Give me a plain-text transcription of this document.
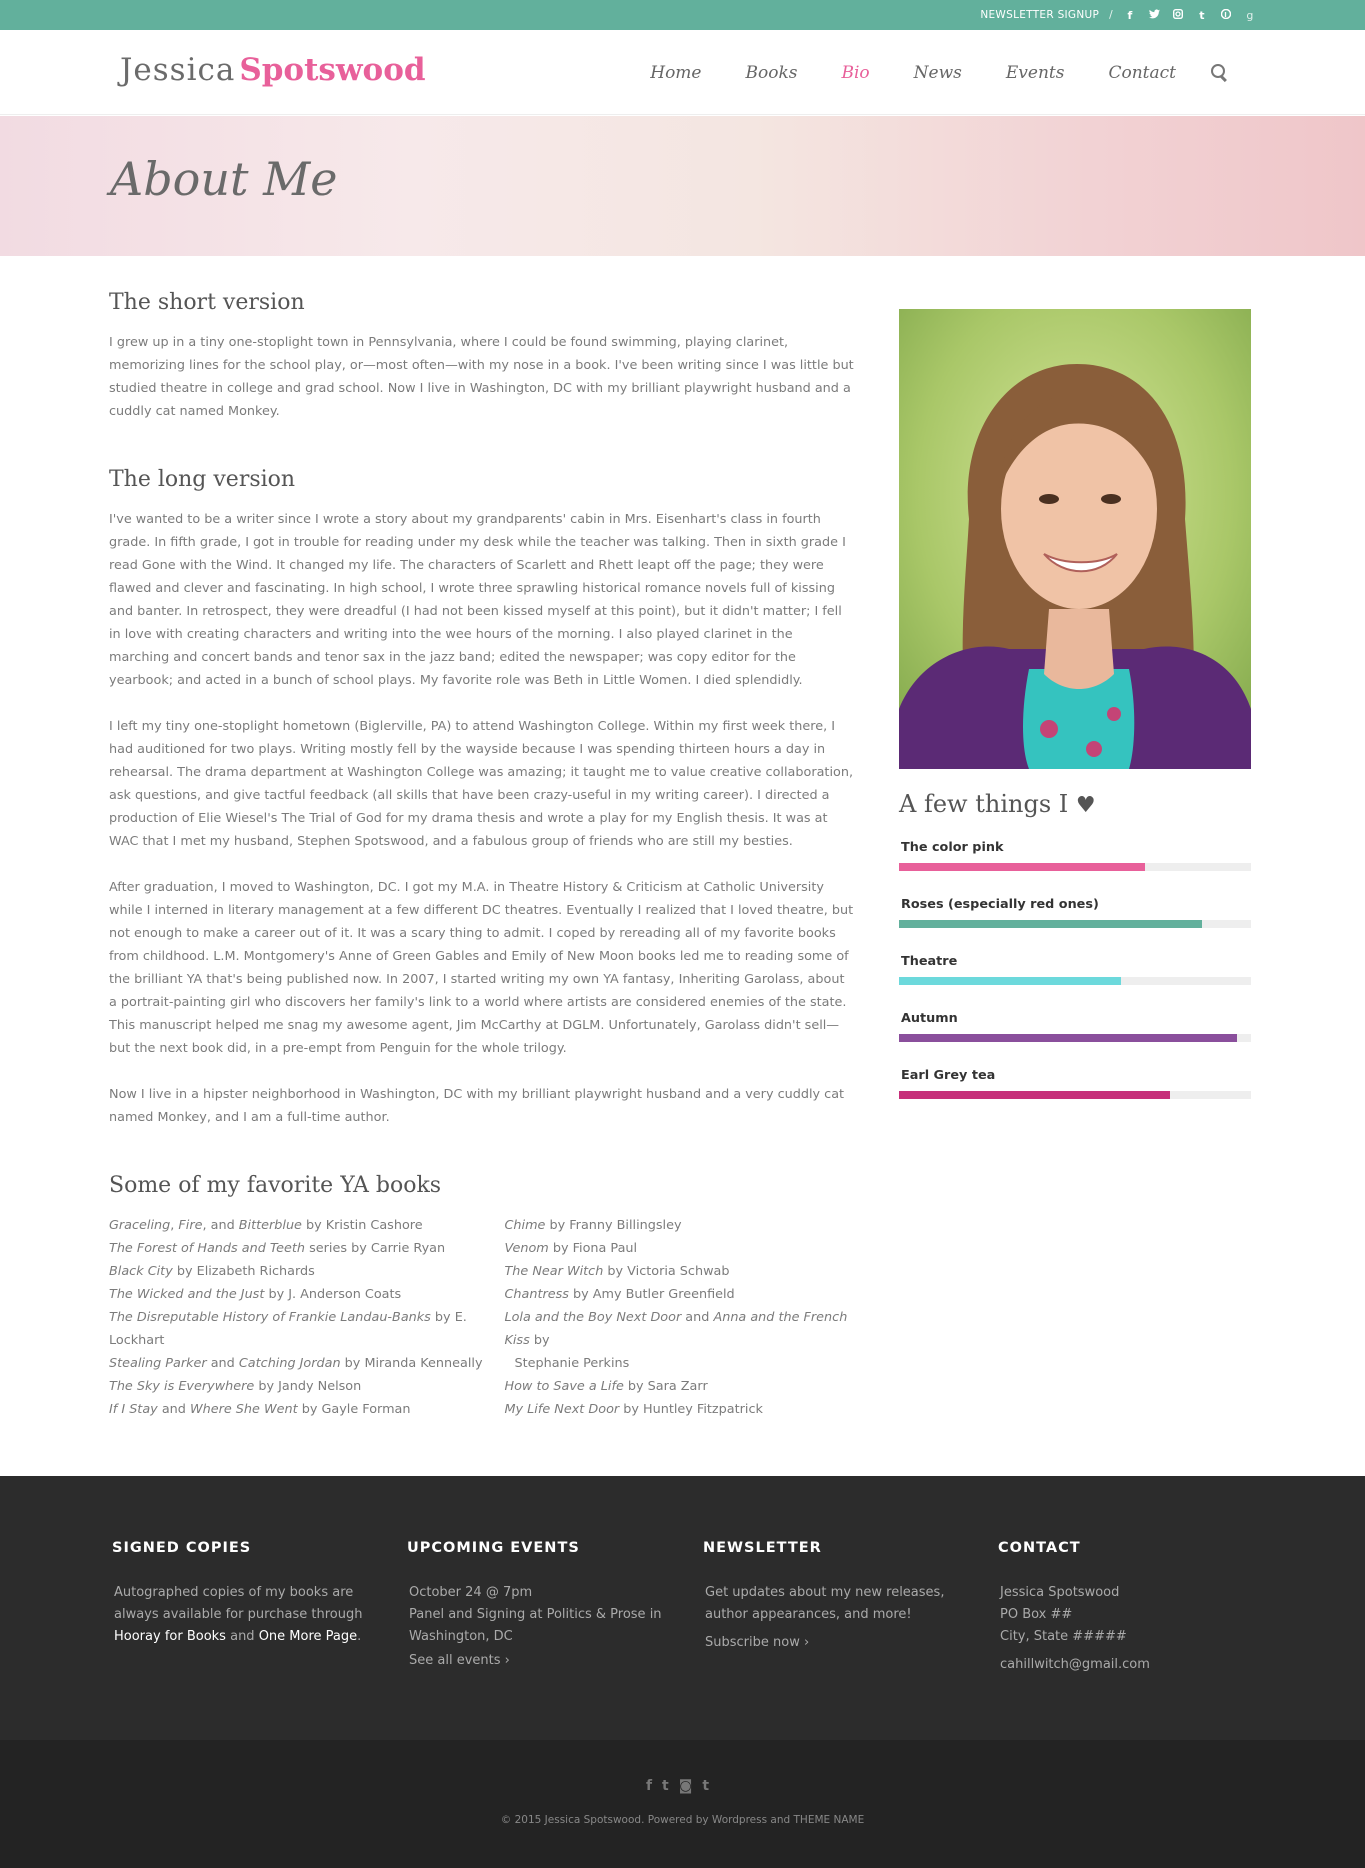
NEWSLETTER SIGNUP /	f	t	g
Jessica Spotswood	Home	Books	Bio	News	Events	Contact
About Me
The short version

I grew up in a tiny one-stoplight town in Pennsylvania, where I could be found swimming, playing clarinet, memorizing lines for the school play, or—most often—with my nose in a book. I've been writing since I was little but studied theatre in college and grad school. Now I live in Washington, DC with my brilliant playwright husband and a cuddly cat named Monkey.

The long version

I've wanted to be a writer since I wrote a story about my grandparents' cabin in Mrs. Eisenhart's class in fourth grade. In fifth grade, I got in trouble for reading under my desk while the teacher was talking. Then in sixth grade I read Gone with the Wind. It changed my life. The characters of Scarlett and Rhett leapt off the page; they were flawed and clever and fascinating. In high school, I wrote three sprawling historical romance novels full of kissing and banter. In retrospect, they were dreadful (I had not been kissed myself at this point), but it didn't matter; I fell in love with creating characters and writing into the wee hours of the morning. I also played clarinet in the marching and concert bands and tenor sax in the jazz band; edited the newspaper; was copy editor for the yearbook; and acted in a bunch of school plays. My favorite role was Beth in Little Women. I died splendidly.

I left my tiny one-stoplight hometown (Biglerville, PA) to attend Washington College. Within my first week there, I had auditioned for two plays. Writing mostly fell by the wayside because I was spending thirteen hours a day in rehearsal. The drama department at Washington College was amazing; it taught me to value creative collaboration, ask questions, and give tactful feedback (all skills that have been crazy-useful in my writing career). I directed a production of Elie Wiesel's The Trial of God for my drama thesis and wrote a play for my English thesis. It was at WAC that I met my husband, Stephen Spotswood, and a fabulous group of friends who are still my besties.

After graduation, I moved to Washington, DC. I got my M.A. in Theatre History & Criticism at Catholic University while I interned in literary management at a few different DC theatres. Eventually I realized that I loved theatre, but not enough to make a career out of it. It was a scary thing to admit. I coped by rereading all of my favorite books from childhood. L.M. Montgomery's Anne of Green Gables and Emily of New Moon books led me to reading some of the brilliant YA that's being published now. In 2007, I started writing my own YA fantasy, Inheriting Garolass, about a portrait-painting girl who discovers her family's link to a world where artists are considered enemies of the state. This manuscript helped me snag my awesome agent, Jim McCarthy at DGLM. Unfortunately, Garolass didn't sell—but the next book did, in a pre-empt from Penguin for the whole trilogy.

Now I live in a hipster neighborhood in Washington, DC with my brilliant playwright husband and a very cuddly cat named Monkey, and I am a full-time author.

Some of my favorite YA books
Graceling, Fire, and Bitterblue by Kristin Cashore
The Forest of Hands and Teeth series by Carrie Ryan
Black City by Elizabeth Richards
The Wicked and the Just by J. Anderson Coats
The Disreputable History of Frankie Landau-Banks by E. Lockhart
Stealing Parker and Catching Jordan by Miranda Kenneally
The Sky is Everywhere by Jandy Nelson
If I Stay and Where She Went by Gayle Forman
Chime by Franny Billingsley
Venom by Fiona Paul
The Near Witch by Victoria Schwab
Chantress by Amy Butler Greenfield
Lola and the Boy Next Door and Anna and the French Kiss by
Stephanie Perkins
How to Save a Life by Sara Zarr
My Life Next Door by Huntley Fitzpatrick
A few things I ♥
The color pink
Roses (especially red ones)
Theatre
Autumn
Earl Grey tea
SIGNED COPIES

Autographed copies of my books are always available for purchase through Hooray for Books and One More Page.

UPCOMING EVENTS
October 24 @ 7pm
Panel and Signing at Politics & Prose in Washington, DC
See all events ›
NEWSLETTER

Get updates about my new releases, author appearances, and more!

Subscribe now ›
CONTACT
Jessica Spotswood
PO Box ##
City, State #####
cahillwitch@gmail.com
ft◙t
© 2015 Jessica Spotswood. Powered by Wordpress and THEME NAME
